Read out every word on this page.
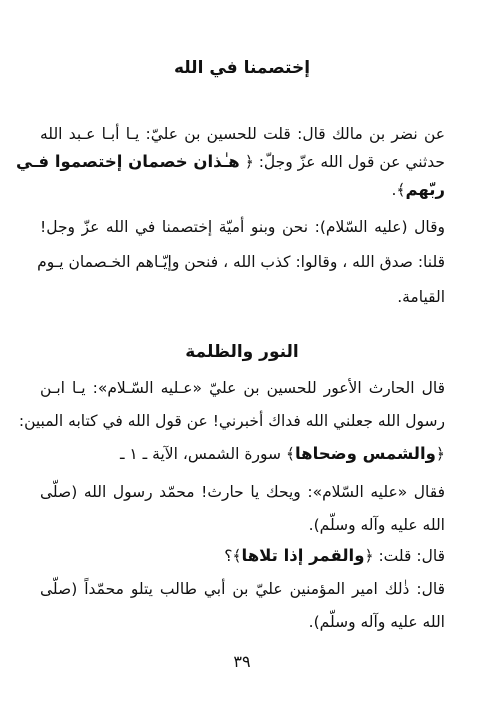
إختصمنا في الله
عن نضر بن مالك قال: قلت للحسين بن عليّ: يـا أبـا عـبد الله
حدثني عن قول الله عزّ وجلّ: ﴿ هـٰذان خصمان إختصموا فـي
ربّهم﴾.
وقال (عليه السّلام): نحن وبنو أميّة إختصمنا في الله عزّ وجل!
قلنا: صدق الله ، وقالوا: كذب الله ، فنحن وإيّـاهم الخـصمان يـوم
القيامة.
النور والظلمة
قال الحارث الأعور للحسين بن عليّ «عـليه السّـلام»: يـا ابـن
رسول الله جعلني الله فداك أخبرني! عن قول الله في كتابه المبين:
﴿والشمس وضحاها﴾ سورة الشمس، الآية ـ ١ ـ
فقال «عليه السّلام»: ويحك يا حارث! محمّد رسول الله (صلّى
الله عليه وآله وسلّم).
قال: قلت: ﴿والقمر إذا تلاها﴾؟
قال: ذٰلك امير المؤمنين عليّ بن أبي طالب يتلو محمّداً (صلّى
الله عليه وآله وسلّم).
٣٩
